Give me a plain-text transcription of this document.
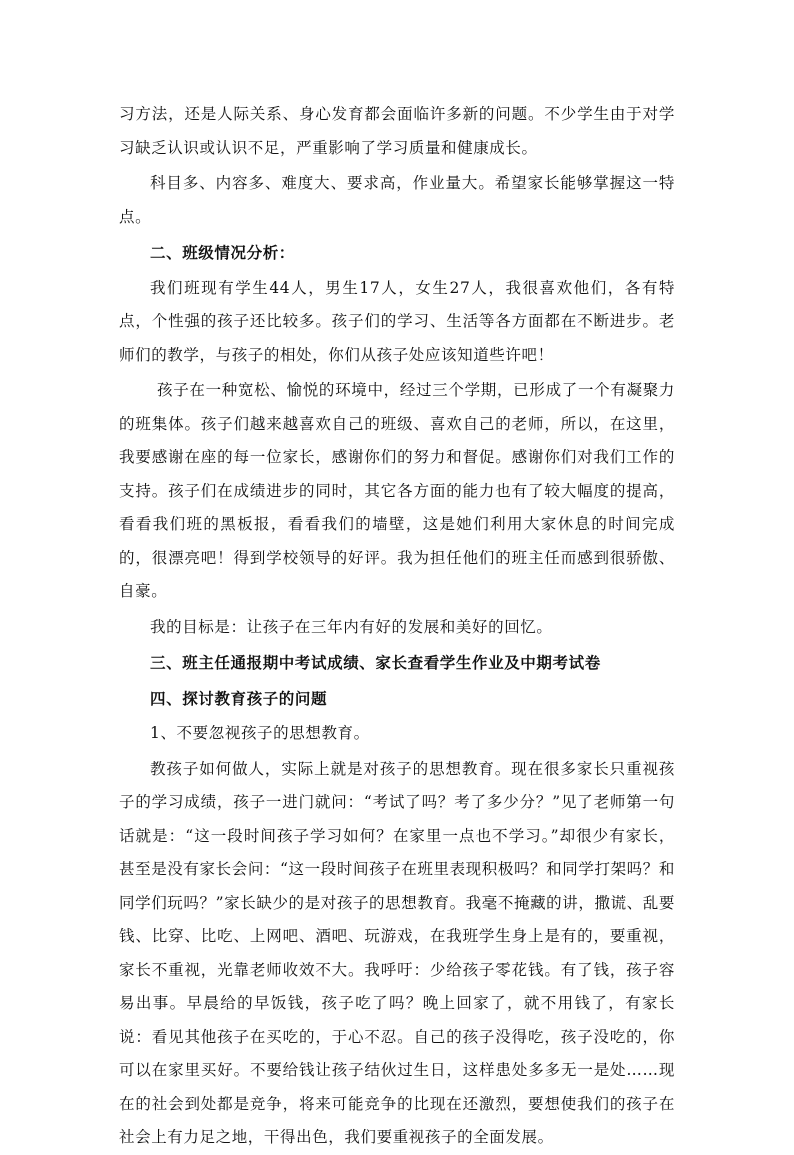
习方法，还是人际关系、身心发育都会面临许多新的问题。不少学生由于对学习缺乏认识或认识不足，严重影响了学习质量和健康成长。

科目多、内容多、难度大、要求高，作业量大。希望家长能够掌握这一特点。

二、班级情况分析：

我们班现有学生44人，男生17人，女生27人，我很喜欢他们，各有特点，个性强的孩子还比较多。孩子们的学习、生活等各方面都在不断进步。老师们的教学，与孩子的相处，你们从孩子处应该知道些许吧！

孩子在一种宽松、愉悦的环境中，经过三个学期，已形成了一个有凝聚力的班集体。孩子们越来越喜欢自己的班级、喜欢自己的老师，所以，在这里，我要感谢在座的每一位家长，感谢你们的努力和督促。感谢你们对我们工作的支持。孩子们在成绩进步的同时，其它各方面的能力也有了较大幅度的提高，看看我们班的黑板报，看看我们的墙壁，这是她们利用大家休息的时间完成的，很漂亮吧！得到学校领导的好评。我为担任他们的班主任而感到很骄傲、自豪。

我的目标是：让孩子在三年内有好的发展和美好的回忆。

三、班主任通报期中考试成绩、家长查看学生作业及中期考试卷

四、探讨教育孩子的问题

1、不要忽视孩子的思想教育。

教孩子如何做人，实际上就是对孩子的思想教育。现在很多家长只重视孩子的学习成绩，孩子一进门就问：“考试了吗？考了多少分？”见了老师第一句话就是：“这一段时间孩子学习如何？在家里一点也不学习。”却很少有家长，甚至是没有家长会问：“这一段时间孩子在班里表现积极吗？和同学打架吗？和同学们玩吗？”家长缺少的是对孩子的思想教育。我毫不掩藏的讲，撒谎、乱要钱、比穿、比吃、上网吧、酒吧、玩游戏，在我班学生身上是有的，要重视，家长不重视，光靠老师收效不大。我呼吁：少给孩子零花钱。有了钱，孩子容易出事。早晨给的早饭钱，孩子吃了吗？晚上回家了，就不用钱了，有家长说：看见其他孩子在买吃的，于心不忍。自己的孩子没得吃，孩子没吃的，你可以在家里买好。不要给钱让孩子结伙过生日，这样患处多多无一是处……现在的社会到处都是竞争，将来可能竞争的比现在还激烈，要想使我们的孩子在社会上有力足之地，干得出色，我们要重视孩子的全面发展。
